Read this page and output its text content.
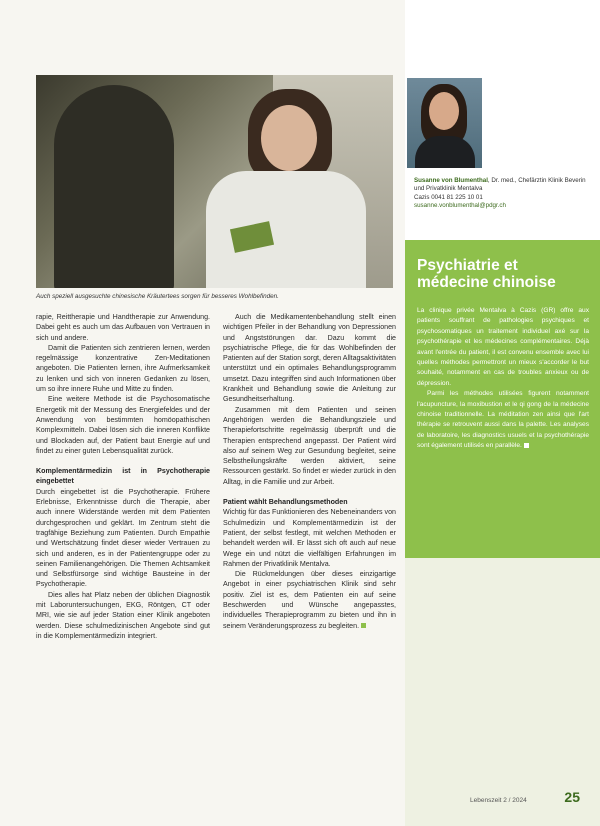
Auch speziell ausgesuchte chinesische Kräutertees sorgen für besseres Wohlbefinden.

rapie, Reittherapie und Handtherapie zur Anwendung. Dabei geht es auch um das Aufbauen von Vertrauen in sich und andere.

Damit die Patienten sich zentrieren lernen, werden regelmässige konzentrative Zen-Meditationen angeboten. Die Patienten lernen, ihre Aufmerksamkeit zu lenken und sich von inneren Gedanken zu lösen, um so ihre innere Ruhe und Mitte zu finden.

Eine weitere Methode ist die Psychosomatische Energetik mit der Messung des Energiefeldes und der Anwendung von bestimmten homöopathischen Komplexmitteln. Dabei lösen sich die inneren Konflikte und Blockaden auf, der Patient baut Energie auf und findet zu einer guten Lebensqualität zurück.

Komplementärmedizin ist in Psychotherapie eingebettet

Durch eingebettet ist die Psychotherapie. Frühere Erlebnisse, Erkenntnisse durch die Therapie, aber auch innere Widerstände werden mit dem Patienten durchgesprochen und geklärt. Im Zentrum steht die tragfähige Beziehung zum Patienten. Durch Empathie und Wertschätzung findet dieser wieder Vertrauen zu sich und anderen, es in der Patientengruppe oder zu seinen Familienangehörigen. Die Themen Achtsamkeit und Selbstfürsorge sind wichtige Bausteine in der Psychotherapie.

Dies alles hat Platz neben der üblichen Diagnostik mit Laboruntersuchungen, EKG, Röntgen, CT oder MRI, wie sie auf jeder Station einer Klinik angeboten werden. Diese schulmedizinischen Angebote sind gut in die Komplementärmedizin integriert.

Auch die Medikamentenbehandlung stellt einen wichtigen Pfeiler in der Behandlung von Depressionen und Angststörungen dar. Dazu kommt die psychiatrische Pflege, die für das Wohlbefinden der Patienten auf der Station sorgt, deren Alltagsaktivitäten unterstützt und ein optimales Behandlungsprogramm umsetzt. Dazu integriffen sind auch Informationen über Krankheit und Behandlung sowie die Anleitung zur Gesundheitserhaltung.

Zusammen mit dem Patienten und seinen Angehörigen werden die Behandlungsziele und Therapiefortschritte regelmässig überprüft und die Therapien entsprechend angepasst. Der Patient wird also auf seinem Weg zur Gesundung begleitet, seine Selbstheilungskräfte werden aktiviert, seine Ressourcen gestärkt. So findet er wieder zurück in den Alltag, in die Familie und zur Arbeit.

Patient wählt Behandlungsmethoden

Wichtig für das Funktionieren des Nebeneinanders von Schulmedizin und Komplementärmedizin ist der Patient, der selbst festlegt, mit welchen Methoden er behandelt werden will. Er lässt sich oft auch auf neue Wege ein und nützt die vielfältigen Erfahrungen im Rahmen der Privatklinik Mentalva.

Die Rückmeldungen über dieses einzigartige Angebot in einer psychiatrischen Klinik sind sehr positiv. Ziel ist es, dem Patienten ein auf seine Beschwerden und Wünsche angepasstes, individuelles Therapieprogramm zu bieten und ihn in seinem Veränderungsprozess zu begleiten.

Susanne von Blumenthal, Dr. med., Chefärztin Klinik Beverin und Privatklinik Mentalva
Cazis 0041 81 225 10 01
susanne.vonblumenthal@pdgr.ch
Psychiatrie et médecine chinoise

La clinique privée Mentalva à Cazis (GR) offre aux patients souffrant de pathologies psychiques et psychosomatiques un traitement individuel axé sur la psychothérapie et les médecines complémentaires. Déjà avant l'entrée du patient, il est convenu ensemble avec lui quelles méthodes permettront un mieux s'accorder le but souhaité, notamment en cas de troubles anxieux ou de dépression.

Parmi les méthodes utilisées figurent notamment l'acupuncture, la moxibustion et le qi gong de la médecine chinoise traditionnelle. La méditation zen ainsi que l'art thérapie se retrouvent aussi dans la palette. Les analyses de laboratoire, les diagnostics usuels et la psychothérapie sont également utilisés en parallèle.

Lebenszeit 2 / 2024	25
